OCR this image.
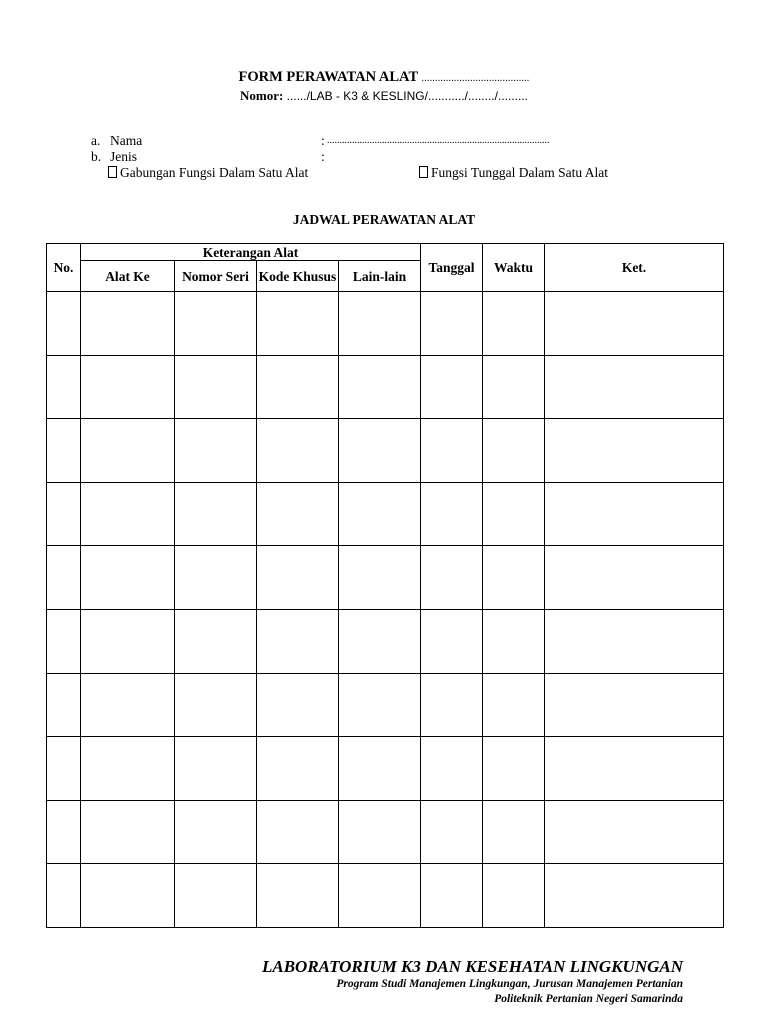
FORM PERAWATAN ALAT ........................................
Nomor: ....../LAB - K3 & KESLING/.........../......../.........
a. Nama	: .........................................................................................
b. Jenis	:
Gabungan Fungsi Dalam Satu Alat	Fungsi Tunggal Dalam Satu Alat
JADWAL PERAWATAN ALAT
No.	Keterangan Alat				Tanggal	Waktu	Ket.
	Alat Ke	Nomor Seri	Kode Khusus	Lain-lain			

LABORATORIUM K3 DAN KESEHATAN LINGKUNGAN
Program Studi Manajemen Lingkungan, Jurusan Manajemen Pertanian
Politeknik Pertanian Negeri Samarinda
